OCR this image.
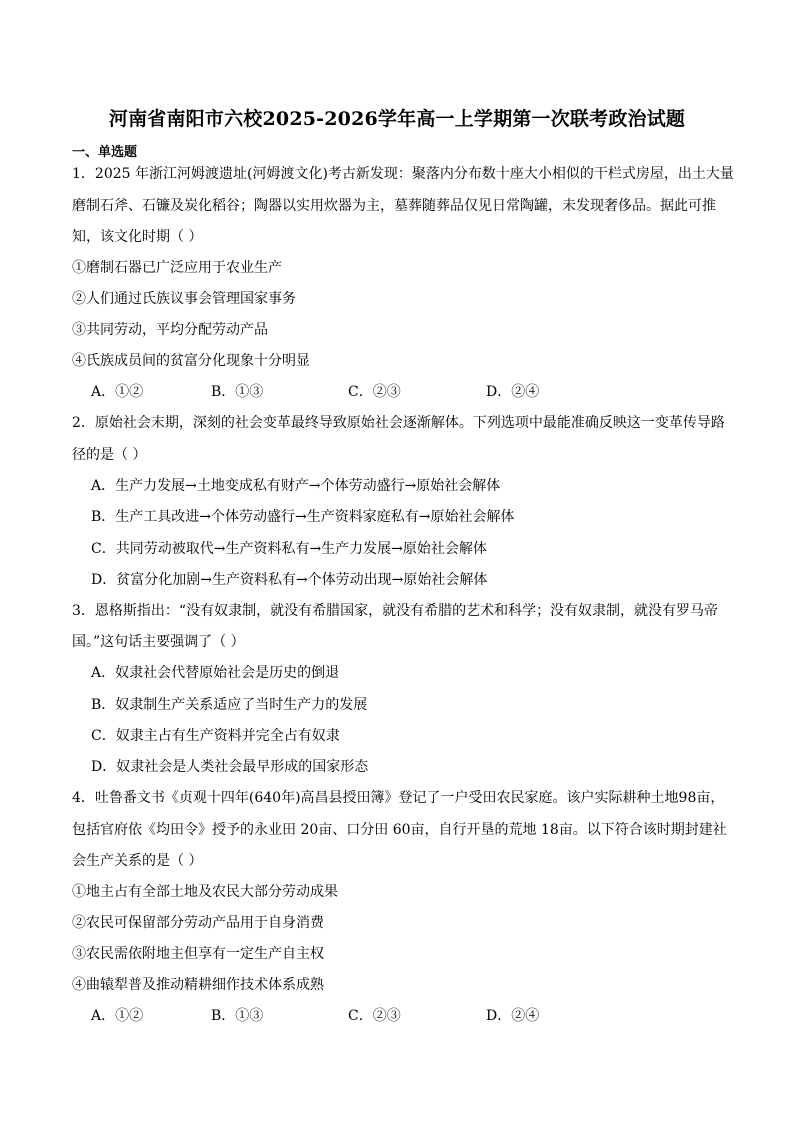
河南省南阳市六校2025-2026学年高一上学期第一次联考政治试题
一、单选题
1．2025 年浙江河姆渡遗址(河姆渡文化)考古新发现：聚落内分布数十座大小相似的干栏式房屋，出土大量
磨制石斧、石镰及炭化稻谷；陶器以实用炊器为主，墓葬随葬品仅见日常陶罐，未发现奢侈品。据此可推
知，该文化时期（ ）
①磨制石器已广泛应用于农业生产
②人们通过氏族议事会管理国家事务
③共同劳动，平均分配劳动产品
④氏族成员间的贫富分化现象十分明显
A．①②	B．①③	C．②③	D．②④
2．原始社会末期，深刻的社会变革最终导致原始社会逐渐解体。下列选项中最能准确反映这一变革传导路
径的是（ ）
A．生产力发展→土地变成私有财产→个体劳动盛行→原始社会解体
B．生产工具改进→个体劳动盛行→生产资料家庭私有→原始社会解体
C．共同劳动被取代→生产资料私有→生产力发展→原始社会解体
D．贫富分化加剧→生产资料私有→个体劳动出现→原始社会解体
3．恩格斯指出：“没有奴隶制，就没有希腊国家，就没有希腊的艺术和科学；没有奴隶制，就没有罗马帝
国。”这句话主要强调了（ ）
A．奴隶社会代替原始社会是历史的倒退
B．奴隶制生产关系适应了当时生产力的发展
C．奴隶主占有生产资料并完全占有奴隶
D．奴隶社会是人类社会最早形成的国家形态
4．吐鲁番文书《贞观十四年(640年)高昌县授田簿》登记了一户受田农民家庭。该户实际耕种土地98亩，
包括官府依《均田令》授予的永业田 20亩、口分田 60亩，自行开垦的荒地 18亩。以下符合该时期封建社
会生产关系的是（ ）
①地主占有全部土地及农民大部分劳动成果
②农民可保留部分劳动产品用于自身消费
③农民需依附地主但享有一定生产自主权
④曲辕犁普及推动精耕细作技术体系成熟
A．①②	B．①③	C．②③	D．②④
